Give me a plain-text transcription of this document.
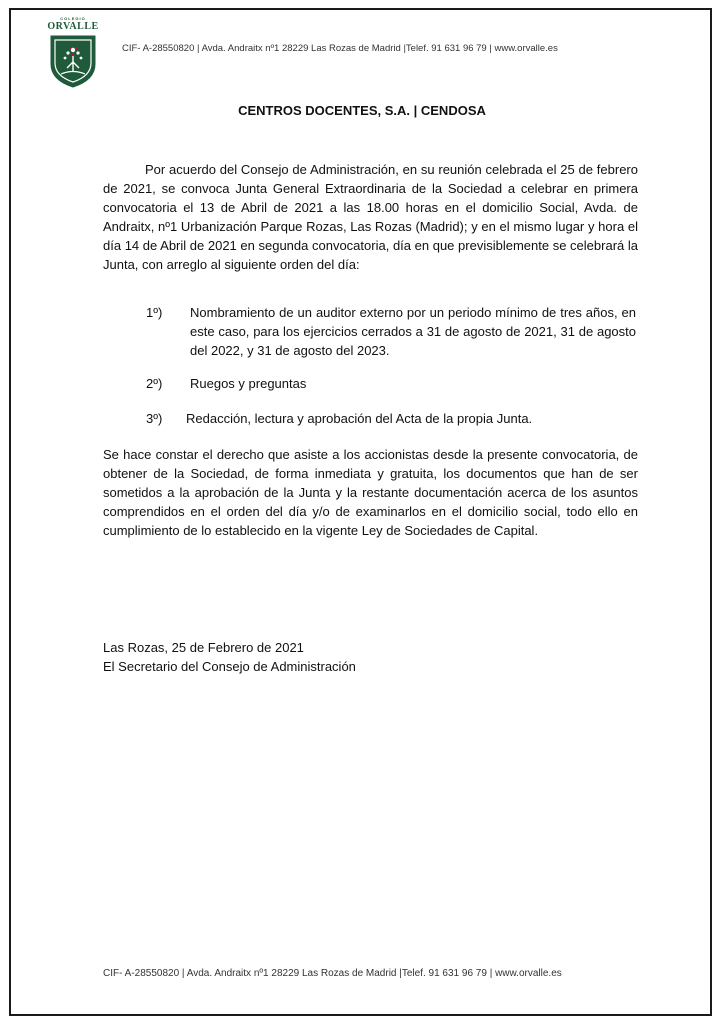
COLEGIO
ORVALLE
CIF- A-28550820 | Avda. Andraitx nº1 28229 Las Rozas de Madrid |Telef. 91 631 96 79 | www.orvalle.es
CENTROS DOCENTES, S.A. | CENDOSA
Por acuerdo del Consejo de Administración, en su reunión celebrada el 25 de febrero de 2021, se convoca Junta General Extraordinaria de la Sociedad a celebrar en primera convocatoria el 13 de Abril de 2021 a las 18.00 horas en el domicilio Social, Avda. de Andraitx, nº1 Urbanización Parque Rozas, Las Rozas (Madrid); y en el mismo lugar y hora el día 14 de Abril de 2021 en segunda convocatoria, día en que previsiblemente se celebrará la Junta, con arreglo al siguiente orden del día:
1º) Nombramiento de un auditor externo por un periodo mínimo de tres años, en este caso, para los ejercicios cerrados a 31 de agosto de 2021, 31 de agosto del 2022, y 31 de agosto del 2023.
2º) Ruegos y preguntas
3º) Redacción, lectura y aprobación del Acta de la propia Junta.
Se hace constar el derecho que asiste a los accionistas desde la presente convocatoria, de obtener de la Sociedad, de forma inmediata y gratuita, los documentos que han de ser sometidos a la aprobación de la Junta y la restante documentación acerca de los asuntos comprendidos en el orden del día y/o de examinarlos en el domicilio social, todo ello en cumplimiento de lo establecido en la vigente Ley de Sociedades de Capital.
Las Rozas, 25 de Febrero de 2021
El Secretario del Consejo de Administración
CIF- A-28550820 | Avda. Andraitx nº1 28229 Las Rozas de Madrid |Telef. 91 631 96 79 | www.orvalle.es
